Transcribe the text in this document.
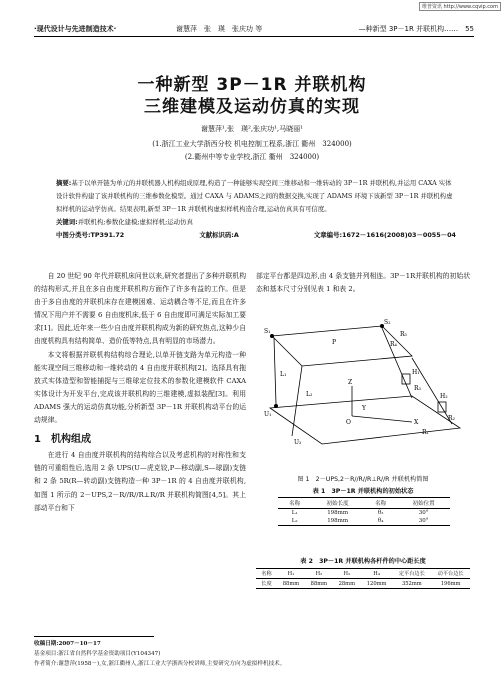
维普资讯 http://www.cqvip.com
·现代设计与先进制造技术·	谢慧萍　张　瑛　张庆功 等	—种新型 3P－1R 并联机构……　 55
一种新型 3P－1R 并联机构
三维建模及运动仿真的实现
谢慧萍¹,张　瑛²,张庆功¹,马晓丽¹
(1.浙江工业大学浙西分校 机电控制工程系,浙江 衢州　324000)
(2.衢州中等专业学校,浙江 衢州　324000)
摘要:基于以单开链为单元的并联机器人机构组成原理,构造了一种能够实现空间三维移动和一维转动的 3P－1R 并联机构,并运用 CAXA 实体设计软件构建了该并联机构的三维参数化模型。通过 CAXA 与 ADAMS之间的数据交换,实现了 ADAMS 环境下该新型 3P－1R 并联机构虚拟样机的运动学仿真。结果表明,新型 3P－1R 并联机构虚拟样机构造合理,运动仿真具有可信度。
关键词:并联机构;参数化建模;虚拟样机;运动仿真
中图分类号:TP391.72	文献标识码:A	文章编号:1672－1616(2008)03－0055－04
自 20 世纪 90 年代并联机床问世以来,研究者提出了多种并联机构的结构形式,并且在多自由度并联机构方面作了许多有益的工作。但是由于多自由度的并联机床存在建模困难、运动耦合等不足,而且在许多情况下用户并不需要 6 自由度机床,低于 6 自由度即可满足实际加工要求[1]。因此,近年来一些少自由度并联机构成为新的研究热点,这种少自由度机构具有结构简单、造价低等特点,具有明显的市场潜力。
本文将根据并联机构结构综合理论,以单开链支路为单元构造一种能实现空间三维移动和一维转动的 4 自由度并联机构[2]。选择具有拖放式实体造型和智能捕捉与三维球定位技术的参数化建模软件 CAXA 实体设计为开发平台,完成该并联机构的三维建模,虚拟装配[3]。利用 ADAMS 强大的运动仿真功能,分析新型 3P－1R 并联机构动平台的运动规律。
1　机构组成
在进行 4 自由度并联机构的结构综合以及考虑机构的对称性和支链的可重组性后,选用 2 条 UPS(U—虎克铰,P—移动副,S—球副)支链和 2 条 5R(R—转动副)支链构造一种 3P－1R 的 4 自由度并联机构,如图 1 所示的 2－UPS,2－R//R//R⊥R//R 并联机构简图[4,5]。其上部动平台和下
部定平台都是四边形,由 4 条支链并列相连。3P－1R并联机构的初始状态和基本尺寸分别见表 1 和表 2。
S₁
S₂
P
U₁
U₂
L₁
L₂
H₁
H₂
R₁
R₂
R₃
R₄
R₅
X
Y
Z
O
图 1　2－UPS,2－R//R//R⊥R//R 并联机构简图
表 1　3P－1R 并联机构的初始状态
名称	初始长度	名称	初始位置
L₁	198mm	θ₃	30°
L₂	198mm	θ₄	30°
表 2　3P－1R 并联机构各杆件的中心距长度
名称	H₁	H₂	H₃	H₄	定平台边长	动平台边长
长度	88mm	88mm	28mm	120mm	352mm	196mm
收稿日期:2007－10－17
基金项目:浙江省自然科学基金资助项目(Y104347)
作者简介:谢慧萍(1958－),女,浙江衢州人,浙江工业大学浙西分校讲师,主要研究方向为虚拟样机技术。
